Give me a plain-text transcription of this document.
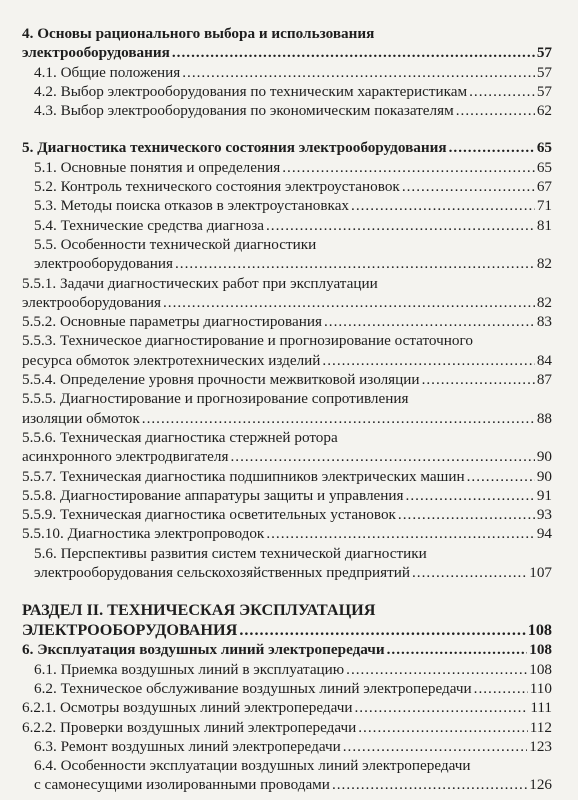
4. Основы рационального выбора и использования
электрооборудования .....	57
4.1. Общие положения .....	57
4.2. Выбор электрооборудования по техническим характеристикам .....	57
4.3. Выбор электрооборудования по экономическим показателям .....	62
5. Диагностика технического состояния электрооборудования .....	65
5.1. Основные понятия и определения .....	65
5.2. Контроль технического состояния электроустановок .....	67
5.3. Методы поиска отказов в электроустановках .....	71
5.4. Технические средства диагноза .....	81
5.5. Особенности технической диагностики
электрооборудования .....	82
5.5.1. Задачи диагностических работ при эксплуатации
электрооборудования .....	82
5.5.2. Основные параметры диагностирования .....	83
5.5.3. Техническое диагностирование и прогнозирование остаточного
ресурса обмоток электротехнических изделий .....	84
5.5.4. Определение уровня прочности межвитковой изоляции .....	87
5.5.5. Диагностирование и прогнозирование сопротивления
изоляции обмоток .....	88
5.5.6. Техническая диагностика стержней ротора
асинхронного электродвигателя .....	90
5.5.7. Техническая диагностика подшипников электрических машин .....	90
5.5.8. Диагностирование аппаратуры защиты и управления .....	91
5.5.9. Техническая диагностика осветительных установок .....	93
5.5.10. Диагностика электропроводок .....	94
5.6. Перспективы развития систем технической диагностики
электрооборудования сельскохозяйственных предприятий .....	107
РАЗДЕЛ II. ТЕХНИЧЕСКАЯ ЭКСПЛУАТАЦИЯ
ЭЛЕКТРООБОРУДОВАНИЯ .....	108
6. Эксплуатация воздушных линий электропередачи .....	108
6.1. Приемка воздушных линий в эксплуатацию .....	108
6.2. Техническое обслуживание воздушных линий электропередачи .....	110
6.2.1. Осмотры воздушных линий электропередачи .....	111
6.2.2. Проверки воздушных линий электропередачи .....	112
6.3. Ремонт воздушных линий электропередачи .....	123
6.4. Особенности эксплуатации воздушных линий электропередачи
с самонесущими изолированными проводами .....	126
